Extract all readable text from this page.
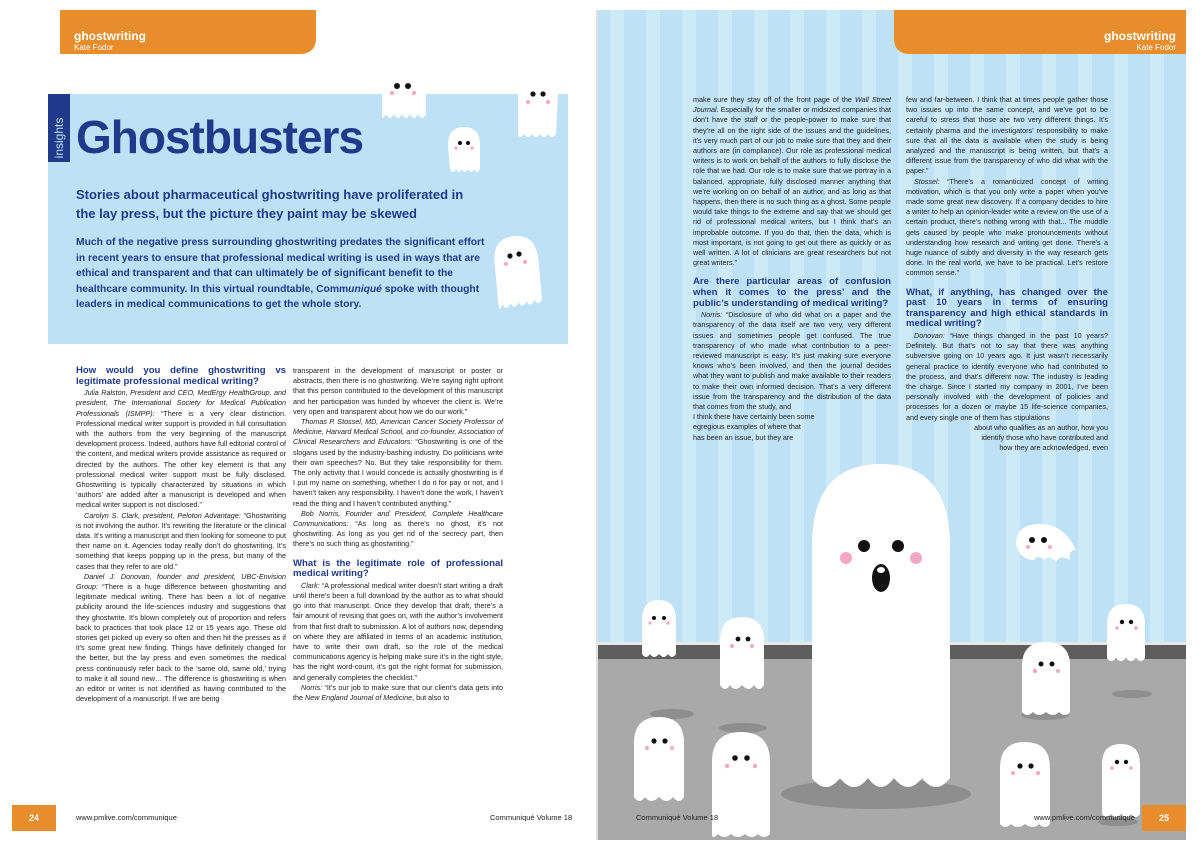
ghostwriting
Kate Fodor
insights Ghostbusters
Stories about pharmaceutical ghostwriting have proliferated in the lay press, but the picture they paint may be skewed
Much of the negative press surrounding ghostwriting predates the significant effort in recent years to ensure that professional medical writing is used in ways that are ethical and transparent and that can ultimately be of significant benefit to the healthcare community. In this virtual roundtable, Communiqué spoke with thought leaders in medical communications to get the whole story.

How would you define ghostwriting vs legitimate professional medical writing?

Julia Ralston, President and CEO, MedErgy HealthGroup, and president, The International Society for Medical Publication Professionals (ISMPP): “There is a very clear distinction. Professional medical writer support is provided in full consultation with the authors from the very beginning of the manuscript development process. Indeed, authors have full editorial control of the content, and medical writers provide assistance as required or directed by the authors. The other key element is that any professional medical writer support must be fully disclosed. Ghostwriting is typically characterized by situations in which ‘authors’ are added after a manuscript is developed and when medical writer support is not disclosed.”

Carolyn S. Clark, president, Peloton Advantage: “Ghostwriting is not involving the author. It’s rewriting the literature or the clinical data. It’s writing a manuscript and then looking for someone to put their name on it. Agencies today really don’t do ghostwriting. It’s something that keeps popping up in the press, but many of the cases that they refer to are old.”

Daniel J. Donovan, founder and president, UBC-Envision Group: “There is a huge difference between ghostwriting and legitimate medical writing. There has been a lot of negative publicity around the life-sciences industry and suggestions that they ghostwrite. It’s blown completely out of proportion and refers back to practices that took place 12 or 15 years ago. These old stories get picked up every so often and then hit the presses as if it’s some great new finding. Things have definitely changed for the better, but the lay press and even sometimes the medical press continuously refer back to the ‘same old, same old,’ trying to make it all sound new… The difference is ghostwriting is when an editor or writer is not identified as having contributed to the development of a manuscript. If we are being

transparent in the development of manuscript or poster or abstracts, then there is no ghostwriting. We’re saying right upfront that this person contributed to the development of this manuscript and her participation was funded by whoever the client is. We’re very open and transparent about how we do our work.”

Thomas P. Stossel, MD, American Cancer Society Professor of Medicine, Harvard Medical School, and co-founder, Association of Clinical Researchers and Educators: “Ghostwriting is one of the slogans used by the industry-bashing industry. Do politicians write their own speeches? No. But they take responsibility for them. The only activity that I would concede is actually ghostwriting is if I put my name on something, whether I do it for pay or not, and I haven’t taken any responsibility. I haven’t done the work, I haven’t read the thing and I haven’t contributed anything.”

Bob Norris, Founder and President, Complete Healthcare Communications: “As long as there’s no ghost, it’s not ghostwriting. As long as you get rid of the secrecy part, then there’s no such thing as ghostwriting.”

What is the legitimate role of professional medical writing?

Clark: “A professional medical writer doesn’t start writing a draft until there’s been a full download by the author as to what should go into that manuscript. Once they develop that draft, there’s a fair amount of revising that goes on, with the author’s involvement from that first draft to submission. A lot of authors now, depending on where they are affiliated in terms of an academic institution, have to write their own draft, so the role of the medical communications agency is helping make sure it’s in the right style, has the right word-count, it’s got the right format for submission, and generally completes the checklist.”

Norris: “It’s our job to make sure that our client’s data gets into the New England Journal of Medicine, but also to

24	www.pmlive.com/communique	Communiqué Volume 18
ghostwriting
Kate Fodor

make sure they stay off of the front page of the Wall Street Journal. Especially for the smaller or midsized companies that don’t have the staff or the people-power to make sure that they’re all on the right side of the issues and the guidelines, it’s very much part of our job to make sure that they and their authors are (in compliance). Our role as professional medical writers is to work on behalf of the authors to fully disclose the role that we had. Our role is to make sure that we portray in a balanced, appropriate, fully disclosed manner anything that we’re working on on behalf of an author, and as long as that happens, then there is no such thing as a ghost. Some people would take things to the extreme and say that we should get rid of professional medical writers, but I think that’s an improbable outcome. If you do that, then the data, which is most important, is not going to get out there as quickly or as well written. A lot of clinicians are great researchers but not great writers.”

Are there particular areas of confusion when it comes to the press’ and the public’s understanding of medical writing?

Norris: “Disclosure of who did what on a paper and the transparency of the data itself are two very, very different issues and sometimes people get confused. The true transparency of who made what contribution to a peer-reviewed manuscript is easy. It’s just making sure everyone knows who’s been involved, and then the journal decides what they want to publish and make available to their readers to make their own informed decision. That’s a very different issue from the transparency and the distribution of the data that comes from the study, and

I think there have certainly been some
egregious examples of where that
has been an issue, but they are

few and far-between. I think that at times people gather those two issues up into the same concept, and we’ve got to be careful to stress that those are two very different things. It’s certainly pharma and the investigators’ responsibility to make sure that all the data is available when the study is being analyzed and the manuscript is being written, but that’s a different issue from the transparency of who did what with the paper.”

Stossel: “There’s a romanticized concept of writing motivation, which is that you only write a paper when you’ve made some great new discovery. If a company decides to hire a writer to help an opinion-leader write a review on the use of a certain product, there’s nothing wrong with that... The muddle gets caused by people who make pronouncements without understanding how research and writing get done. There’s a huge nuance of subtly and diversity in the way research gets done. In the real world, we have to be practical. Let’s restore common sense.”

What, if anything, has changed over the past 10 years in terms of ensuring transparency and high ethical standards in medical writing?

Donovan: “Have things changed in the past 10 years? Definitely. But that’s not to say that there was anything subversive going on 10 years ago. It just wasn’t necessarily general practice to identify everyone who had contributed to the process, and that’s different now. The industry is leading the charge. Since I started my company in 2001, I’ve been personally involved with the development of policies and processes for a dozen or maybe 15 life-science companies, and every single one of them has stipulations

about who qualifies as an author, how you
identify those who have contributed and
how they are acknowledged, even
Communiqué Volume 18	www.pmlive.com/communique	25
